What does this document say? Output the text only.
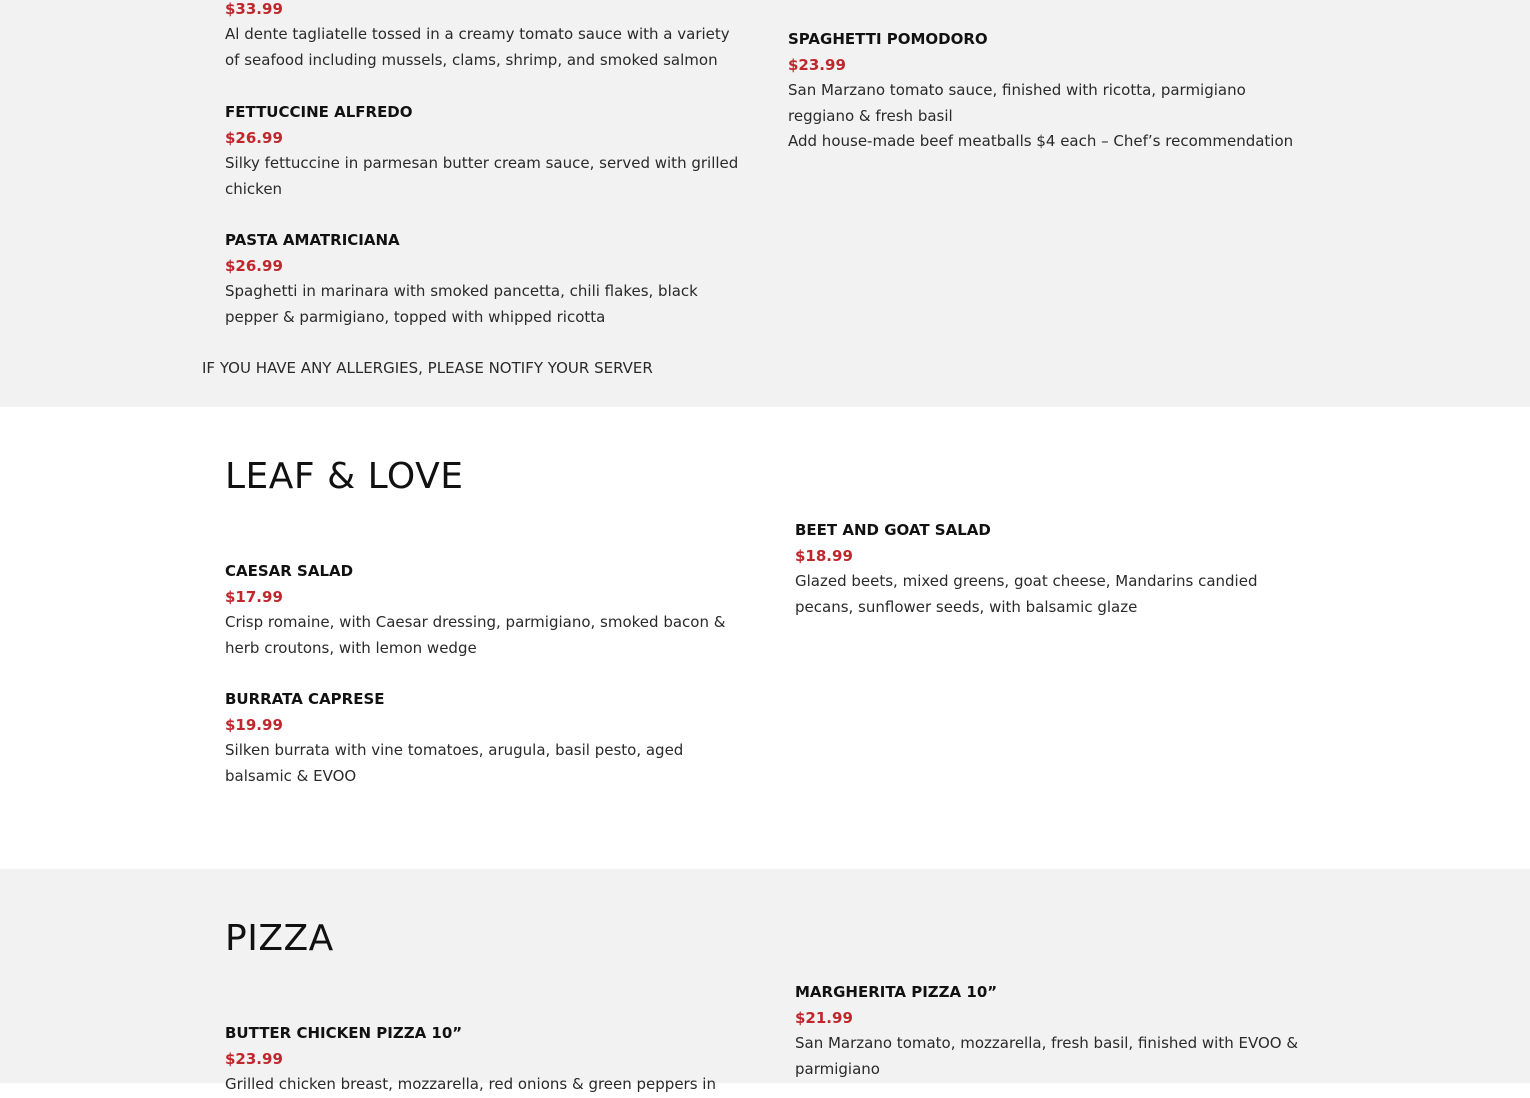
$33.99
Al dente tagliatelle tossed in a creamy tomato sauce with a variety of seafood including mussels, clams, shrimp, and smoked salmon
FETTUCCINE ALFREDO
$26.99
Silky fettuccine in parmesan butter cream sauce, served with grilled chicken
PASTA AMATRICIANA
$26.99
Spaghetti in marinara with smoked pancetta, chili flakes, black pepper & parmigiano, topped with whipped ricotta
SPAGHETTI POMODORO
$23.99
San Marzano tomato sauce, finished with ricotta, parmigiano reggiano & fresh basil
Add house-made beef meatballs $4 each – Chef’s recommendation
IF YOU HAVE ANY ALLERGIES, PLEASE NOTIFY YOUR SERVER
LEAF & LOVE
CAESAR SALAD
$17.99
Crisp romaine, with Caesar dressing, parmigiano, smoked bacon & herb croutons, with lemon wedge
BURRATA CAPRESE
$19.99
Silken burrata with vine tomatoes, arugula, basil pesto, aged balsamic & EVOO
BEET AND GOAT SALAD
$18.99
Glazed beets, mixed greens, goat cheese, Mandarins candied pecans, sunflower seeds, with balsamic glaze
PIZZA
BUTTER CHICKEN PIZZA 10”
$23.99
Grilled chicken breast, mozzarella, red onions & green peppers in
MARGHERITA PIZZA 10”
$21.99
San Marzano tomato, mozzarella, fresh basil, finished with EVOO & parmigiano
